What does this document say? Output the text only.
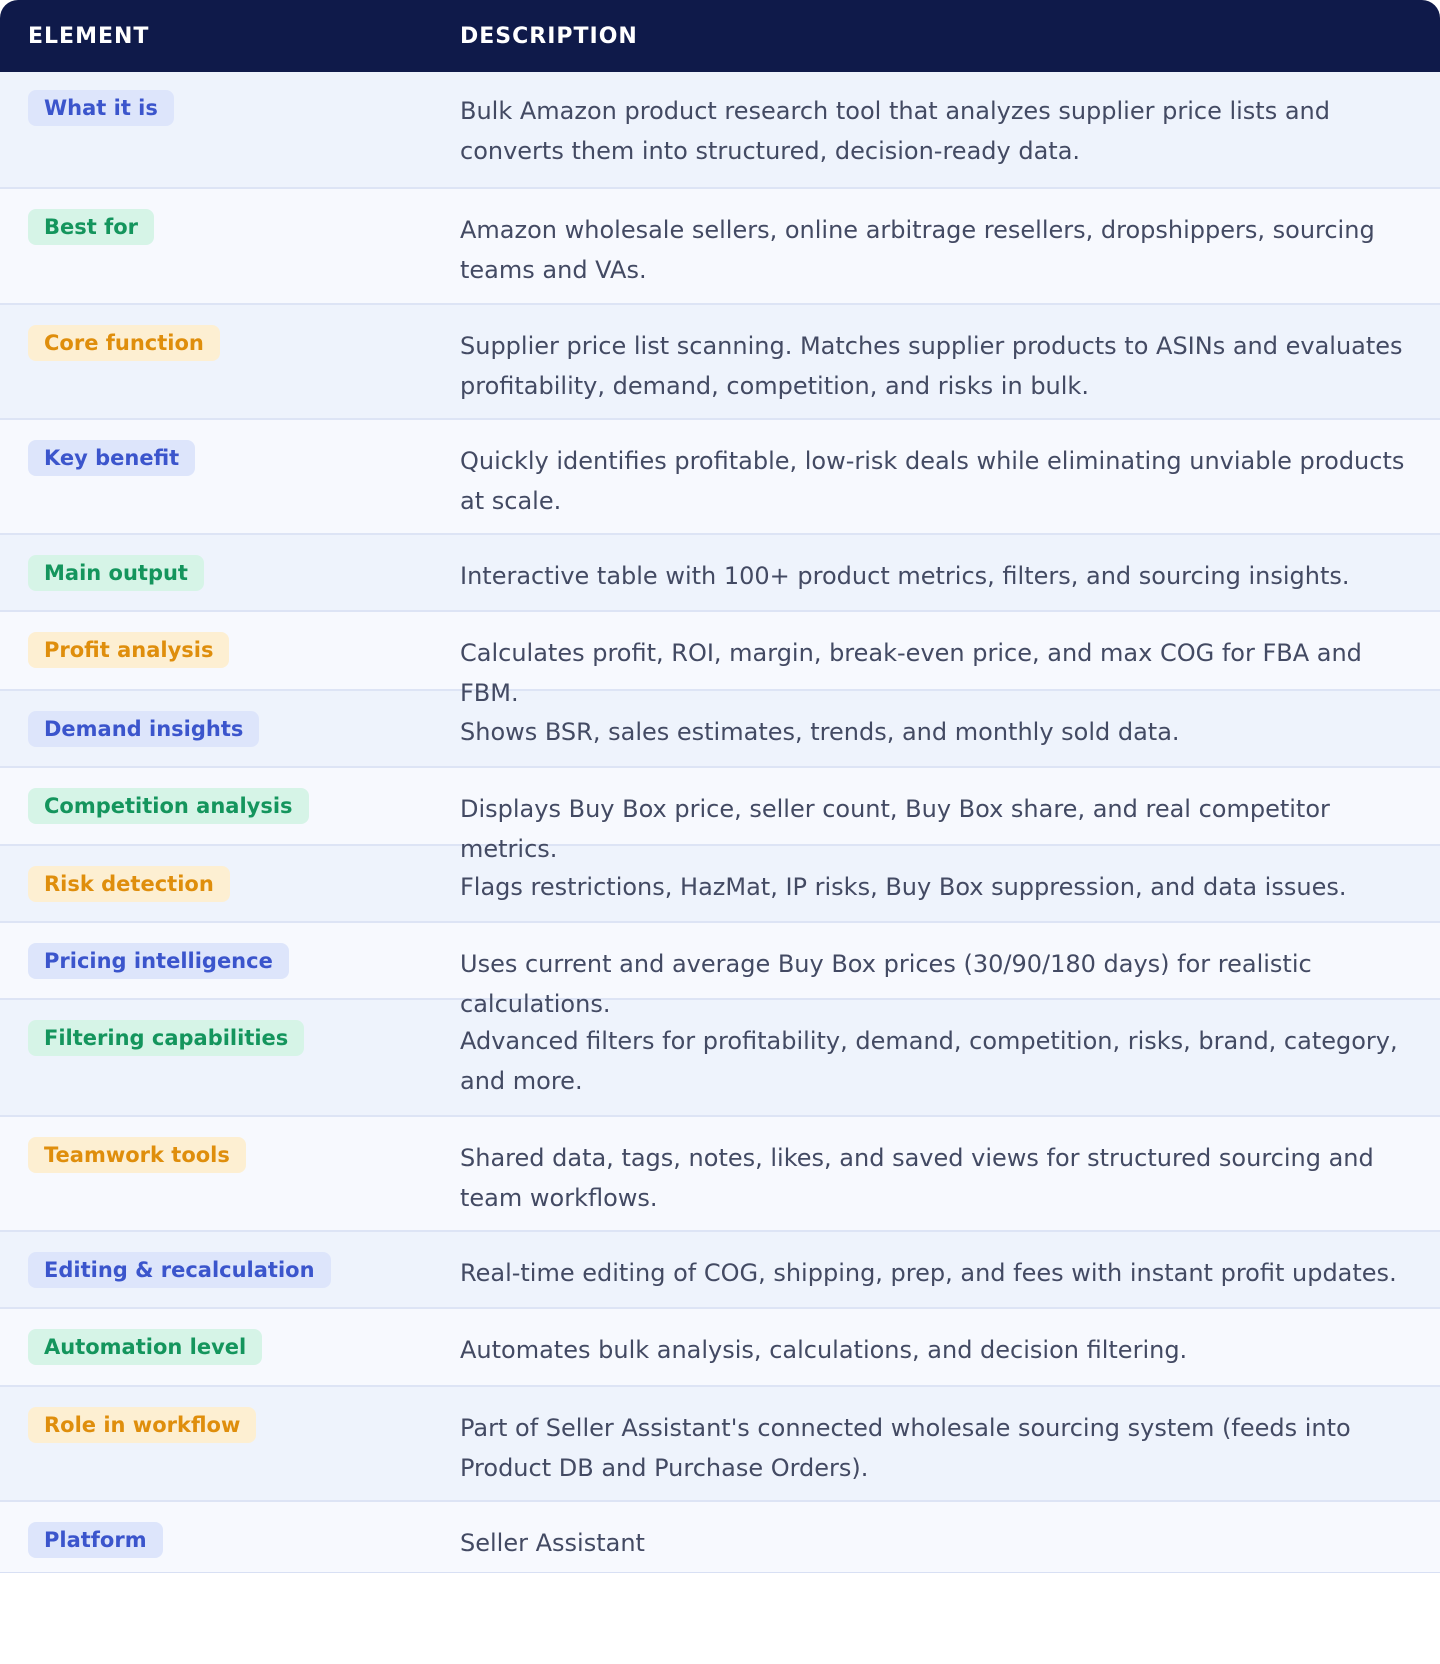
ELEMENT	DESCRIPTION
What it is	Bulk Amazon product research tool that analyzes supplier price lists and converts them into structured, decision-ready data.
Best for	Amazon wholesale sellers, online arbitrage resellers, dropshippers, sourcing teams and VAs.
Core function	Supplier price list scanning. Matches supplier products to ASINs and evaluates profitability, demand, competition, and risks in bulk.
Key benefit	Quickly identifies profitable, low-risk deals while eliminating unviable products at scale.
Main output	Interactive table with 100+ product metrics, filters, and sourcing insights.
Profit analysis	Calculates profit, ROI, margin, break-even price, and max COG for FBA and FBM.
Demand insights	Shows BSR, sales estimates, trends, and monthly sold data.
Competition analysis	Displays Buy Box price, seller count, Buy Box share, and real competitor metrics.
Risk detection	Flags restrictions, HazMat, IP risks, Buy Box suppression, and data issues.
Pricing intelligence	Uses current and average Buy Box prices (30/90/180 days) for realistic calculations.
Filtering capabilities	Advanced filters for profitability, demand, competition, risks, brand, category, and more.
Teamwork tools	Shared data, tags, notes, likes, and saved views for structured sourcing and team workflows.
Editing & recalculation	Real-time editing of COG, shipping, prep, and fees with instant profit updates.
Automation level	Automates bulk analysis, calculations, and decision filtering.
Role in workflow	Part of Seller Assistant's connected wholesale sourcing system (feeds into Product DB and Purchase Orders).
Platform	Seller Assistant
